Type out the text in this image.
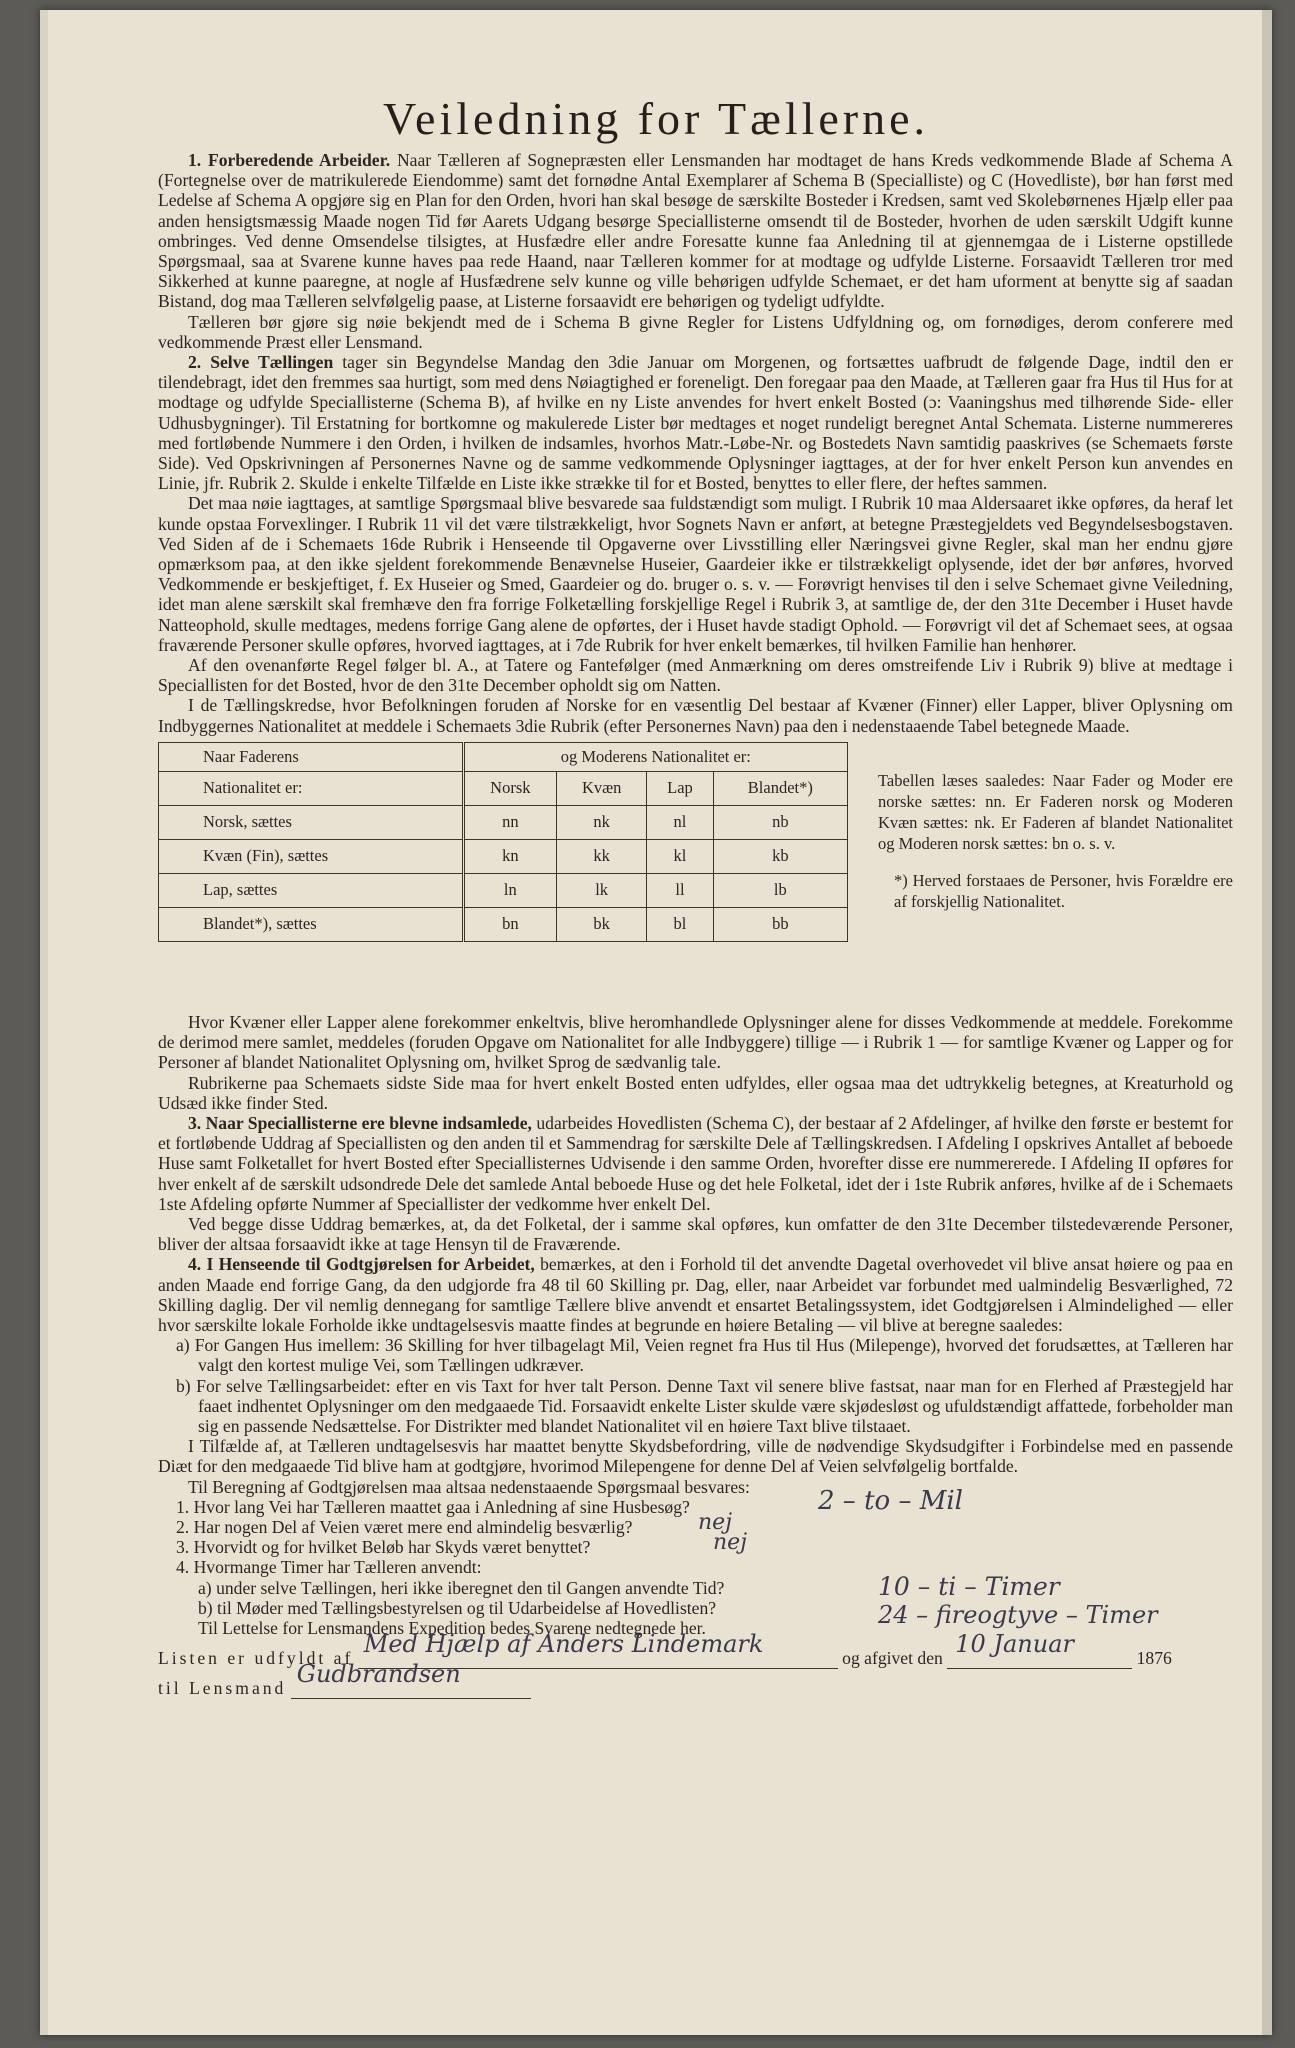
Veiledning for Tællerne.

1. Forberedende Arbeider. Naar Tælleren af Sognepræsten eller Lensmanden har modtaget de hans Kreds vedkommende Blade af Schema A (Fortegnelse over de matrikulerede Eiendomme) samt det fornødne Antal Exemplarer af Schema B (Specialliste) og C (Hovedliste), bør han først med Ledelse af Schema A opgjøre sig en Plan for den Orden, hvori han skal besøge de særskilte Bosteder i Kredsen, samt ved Skolebørnenes Hjælp eller paa anden hensigtsmæssig Maade nogen Tid før Aarets Udgang besørge Speciallisterne omsendt til de Bosteder, hvorhen de uden særskilt Udgift kunne ombringes. Ved denne Omsendelse tilsigtes, at Husfædre eller andre Foresatte kunne faa Anledning til at gjennemgaa de i Listerne opstillede Spørgsmaal, saa at Svarene kunne haves paa rede Haand, naar Tælleren kommer for at modtage og udfylde Listerne. Forsaavidt Tælleren tror med Sikkerhed at kunne paaregne, at nogle af Husfædrene selv kunne og ville behørigen udfylde Schemaet, er det ham uforment at benytte sig af saadan Bistand, dog maa Tælleren selvfølgelig paase, at Listerne forsaavidt ere behørigen og tydeligt udfyldte.

Tælleren bør gjøre sig nøie bekjendt med de i Schema B givne Regler for Listens Udfyldning og, om fornødiges, derom conferere med vedkommende Præst eller Lensmand.

2. Selve Tællingen tager sin Begyndelse Mandag den 3die Januar om Morgenen, og fortsættes uafbrudt de følgende Dage, indtil den er tilendebragt, idet den fremmes saa hurtigt, som med dens Nøiagtighed er foreneligt. Den foregaar paa den Maade, at Tælleren gaar fra Hus til Hus for at modtage og udfylde Speciallisterne (Schema B), af hvilke en ny Liste anvendes for hvert enkelt Bosted (ɔ: Vaaningshus med tilhørende Side- eller Udhusbygninger). Til Erstatning for bortkomne og makulerede Lister bør medtages et noget rundeligt beregnet Antal Schemata. Listerne nummereres med fortløbende Nummere i den Orden, i hvilken de indsamles, hvorhos Matr.-Løbe-Nr. og Bostedets Navn samtidig paaskrives (se Schemaets første Side). Ved Opskrivningen af Personernes Navne og de samme vedkommende Oplysninger iagttages, at der for hver enkelt Person kun anvendes en Linie, jfr. Rubrik 2. Skulde i enkelte Tilfælde en Liste ikke strække til for et Bosted, benyttes to eller flere, der heftes sammen.

Det maa nøie iagttages, at samtlige Spørgsmaal blive besvarede saa fuldstændigt som muligt. I Rubrik 10 maa Aldersaaret ikke opføres, da heraf let kunde opstaa Forvexlinger. I Rubrik 11 vil det være tilstrækkeligt, hvor Sognets Navn er anført, at betegne Præstegjeldets ved Begyndelsesbogstaven. Ved Siden af de i Schemaets 16de Rubrik i Henseende til Opgaverne over Livsstilling eller Næringsvei givne Regler, skal man her endnu gjøre opmærksom paa, at den ikke sjeldent forekommende Benævnelse Huseier, Gaardeier ikke er tilstrækkeligt oplysende, idet der bør anføres, hvorved Vedkommende er beskjeftiget, f. Ex Huseier og Smed, Gaardeier og do. bruger o. s. v. — Forøvrigt henvises til den i selve Schemaet givne Veiledning, idet man alene særskilt skal fremhæve den fra forrige Folketælling forskjellige Regel i Rubrik 3, at samtlige de, der den 31te December i Huset havde Natteophold, skulle medtages, medens forrige Gang alene de opførtes, der i Huset havde stadigt Ophold. — Forøvrigt vil det af Schemaet sees, at ogsaa fraværende Personer skulle opføres, hvorved iagttages, at i 7de Rubrik for hver enkelt bemærkes, til hvilken Familie han henhører.

Af den ovenanførte Regel følger bl. A., at Tatere og Fantefølger (med Anmærkning om deres omstreifende Liv i Rubrik 9) blive at medtage i Speciallisten for det Bosted, hvor de den 31te December opholdt sig om Natten.

I de Tællingskredse, hvor Befolkningen foruden af Norske for en væsentlig Del bestaar af Kvæner (Finner) eller Lapper, bliver Oplysning om Indbyggernes Nationalitet at meddele i Schemaets 3die Rubrik (efter Personernes Navn) paa den i nedenstaaende Tabel betegnede Maade.

Naar Faderens	og Moderens Nationalitet er:			
Nationalitet er:	Norsk	Kvæn	Lap	Blandet*)
Norsk, sættes	nn	nk	nl	nb
Kvæn (Fin), sættes	kn	kk	kl	kb
Lap, sættes	ln	lk	ll	lb
Blandet*), sættes	bn	bk	bl	bb
Tabellen læses saaledes: Naar Fader og Moder ere norske sættes: nn. Er Faderen norsk og Moderen Kvæn sættes: nk. Er Faderen af blandet Nationalitet og Moderen norsk sættes: bn o. s. v.
*) Herved forstaaes de Personer, hvis Forældre ere af forskjellig Nationalitet.

Hvor Kvæner eller Lapper alene forekommer enkeltvis, blive heromhandlede Oplysninger alene for disses Vedkommende at meddele. Forekomme de derimod mere samlet, meddeles (foruden Opgave om Nationalitet for alle Indbyggere) tillige — i Rubrik 1 — for samtlige Kvæner og Lapper og for Personer af blandet Nationalitet Oplysning om, hvilket Sprog de sædvanlig tale.

Rubrikerne paa Schemaets sidste Side maa for hvert enkelt Bosted enten udfyldes, eller ogsaa maa det udtrykkelig betegnes, at Kreaturhold og Udsæd ikke finder Sted.

3. Naar Speciallisterne ere blevne indsamlede, udarbeides Hovedlisten (Schema C), der bestaar af 2 Afdelinger, af hvilke den første er bestemt for et fortløbende Uddrag af Speciallisten og den anden til et Sammendrag for særskilte Dele af Tællingskredsen. I Afdeling I opskrives Antallet af beboede Huse samt Folketallet for hvert Bosted efter Speciallisternes Udvisende i den samme Orden, hvorefter disse ere nummererede. I Afdeling II opføres for hver enkelt af de særskilt udsondrede Dele det samlede Antal beboede Huse og det hele Folketal, idet der i 1ste Rubrik anføres, hvilke af de i Schemaets 1ste Afdeling opførte Nummer af Speciallister der vedkomme hver enkelt Del.

Ved begge disse Uddrag bemærkes, at, da det Folketal, der i samme skal opføres, kun omfatter de den 31te December tilstedeværende Personer, bliver der altsaa forsaavidt ikke at tage Hensyn til de Fraværende.

4. I Henseende til Godtgjørelsen for Arbeidet, bemærkes, at den i Forhold til det anvendte Dagetal overhovedet vil blive ansat høiere og paa en anden Maade end forrige Gang, da den udgjorde fra 48 til 60 Skilling pr. Dag, eller, naar Arbeidet var forbundet med ualmindelig Besværlighed, 72 Skilling daglig. Der vil nemlig dennegang for samtlige Tællere blive anvendt et ensartet Betalingssystem, idet Godtgjørelsen i Almindelighed — eller hvor særskilte lokale Forholde ikke undtagelsesvis maatte findes at begrunde en høiere Betaling — vil blive at beregne saaledes:

a) For Gangen Hus imellem: 36 Skilling for hver tilbagelagt Mil, Veien regnet fra Hus til Hus (Milepenge), hvorved det forudsættes, at Tælleren har valgt den kortest mulige Vei, som Tællingen udkræver.
b) For selve Tællingsarbeidet: efter en vis Taxt for hver talt Person. Denne Taxt vil senere blive fastsat, naar man for en Flerhed af Præstegjeld har faaet indhentet Oplysninger om den medgaaede Tid. Forsaavidt enkelte Lister skulde være skjødesløst og ufuldstændigt affattede, forbeholder man sig en passende Nedsættelse. For Distrikter med blandet Nationalitet vil en høiere Taxt blive tilstaaet.

I Tilfælde af, at Tælleren undtagelsesvis har maattet benytte Skydsbefordring, ville de nødvendige Skydsudgifter i Forbindelse med en passende Diæt for den medgaaede Tid blive ham at godtgjøre, hvorimod Milepengene for denne Del af Veien selvfølgelig bortfalde.

Til Beregning af Godtgjørelsen maa altsaa nedenstaaende Spørgsmaal besvares:

1. Hvor lang Vei har Tælleren maattet gaa i Anledning af sine Husbesøg?
2. Har nogen Del af Veien været mere end almindelig besværlig?
3. Hvorvidt og for hvilket Beløb har Skyds været benyttet?
4. Hvormange Timer har Tælleren anvendt:
a) under selve Tællingen, heri ikke iberegnet den til Gangen anvendte Tid?
b) til Møder med Tællingsbestyrelsen og til Udarbeidelse af Hovedlisten?
Til Lettelse for Lensmandens Expedition bedes Svarene nedtegnede her.
2 – to – Mil
nej
nej
10 – ti – Timer
24 – fireogtyve – Timer
Listen er udfyldt af Med Hjælp af Anders Lindemark	og afgivet den 10 Januar	1876
til Lensmand Gudbrandsen
